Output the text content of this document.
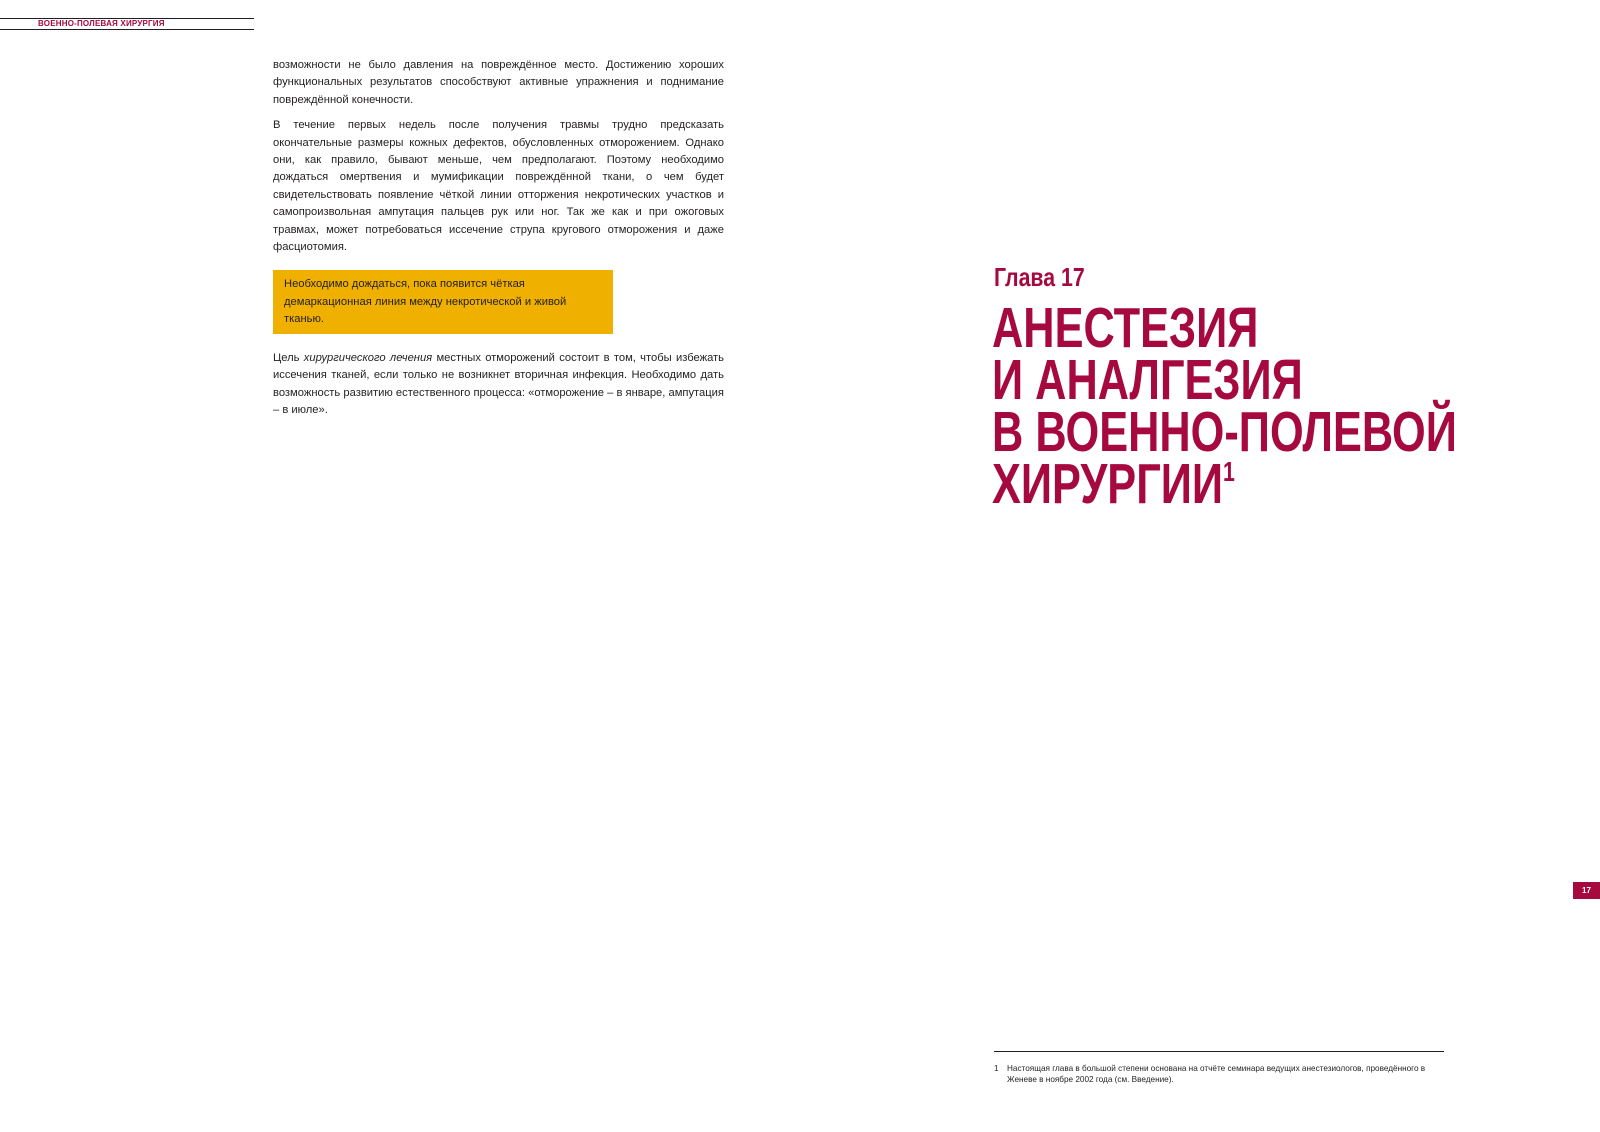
ВОЕННО-ПОЛЕВАЯ ХИРУРГИЯ

возможности не было давления на повреждённое место. Достижению хороших функциональных результатов способствуют активные упражнения и поднимание повреждённой конечности.

В течение первых недель после получения травмы трудно предсказать окончательные размеры кожных дефектов, обусловленных отморожением. Однако они, как правило, бывают меньше, чем предполагают. Поэтому необходимо дождаться омертвения и мумификации повреждённой ткани, о чем будет свидетельствовать появление чёткой линии отторжения некротических участков и самопроизвольная ампутация пальцев рук или ног. Так же как и при ожоговых травмах, может потребоваться иссечение струпа кругового отморожения и даже фасциотомия.

Необходимо дождаться, пока появится чёткая демаркационная линия между некротической и живой тканью.

Цель хирургического лечения местных отморожений состоит в том, чтобы избежать иссечения тканей, если только не возникнет вторичная инфекция. Необходимо дать возможность развитию естественного процесса: «отморожение – в январе, ампутация – в июле».

Глава 17
АНЕСТЕЗИЯ
И АНАЛГЕЗИЯ
В ВОЕННО-ПОЛЕВОЙ
ХИРУРГИИ$^1$
17
1 Настоящая глава в большой степени основана на отчёте семинара ведущих анестезиологов, проведённого в Женеве в ноябре 2002 года (см. Введение).
